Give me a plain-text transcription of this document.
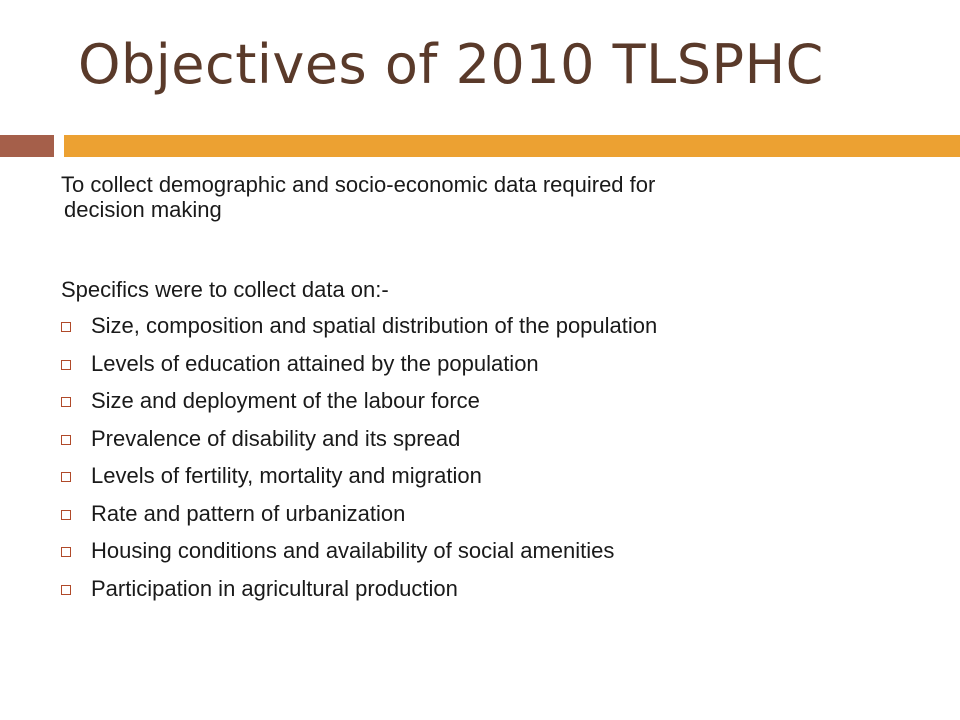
Objectives of 2010 TLSPHC

To collect demographic and socio-economic data required for
decision making

Specifics were to collect data on:-

Size, composition and spatial distribution of the population
Levels of education attained by the population
Size and deployment of the labour force
Prevalence of disability and its spread
Levels of fertility, mortality and migration
Rate and pattern of urbanization
Housing conditions and availability of social amenities
Participation in agricultural production
